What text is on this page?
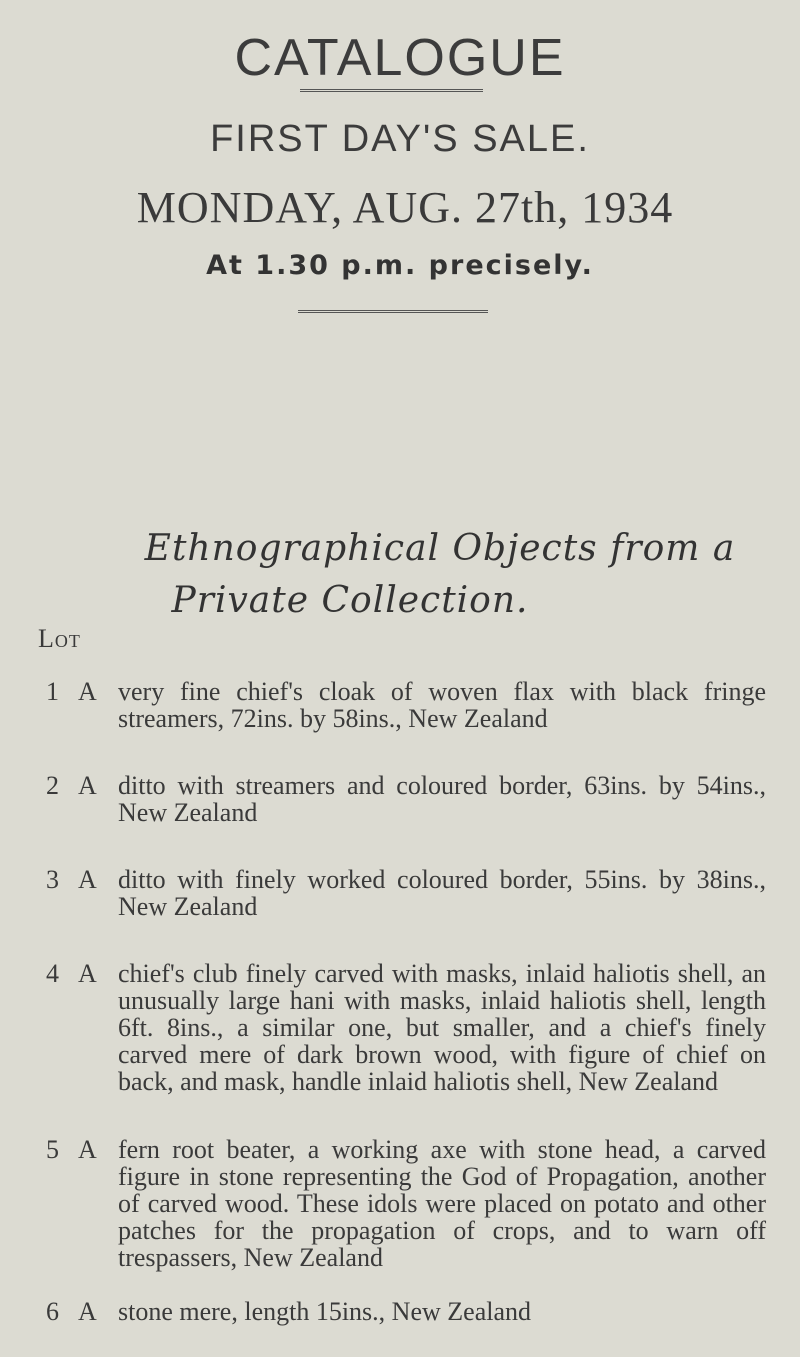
CATALOGUE
FIRST DAY'S SALE.
MONDAY, AUG. 27th, 1934
At 1.30 p.m. precisely.
Ethnographical Objects from a
Private Collection.
Lot
1 A very fine chief's cloak of woven flax with black fringe streamers, 72ins. by 58ins., New Zealand
2 A ditto with streamers and coloured border, 63ins. by 54ins., New Zealand
3 A ditto with finely worked coloured border, 55ins. by 38ins., New Zealand
4 A chief's club finely carved with masks, inlaid haliotis shell, an unusually large hani with masks, inlaid haliotis shell, length 6ft. 8ins., a similar one, but smaller, and a chief's finely carved mere of dark brown wood, with figure of chief on back, and mask, handle inlaid haliotis shell, New Zealand
5 A fern root beater, a working axe with stone head, a carved figure in stone representing the God of Propagation, another of carved wood. These idols were placed on potato and other patches for the propagation of crops, and to warn off trespassers, New Zealand
6 A stone mere, length 15ins., New Zealand
